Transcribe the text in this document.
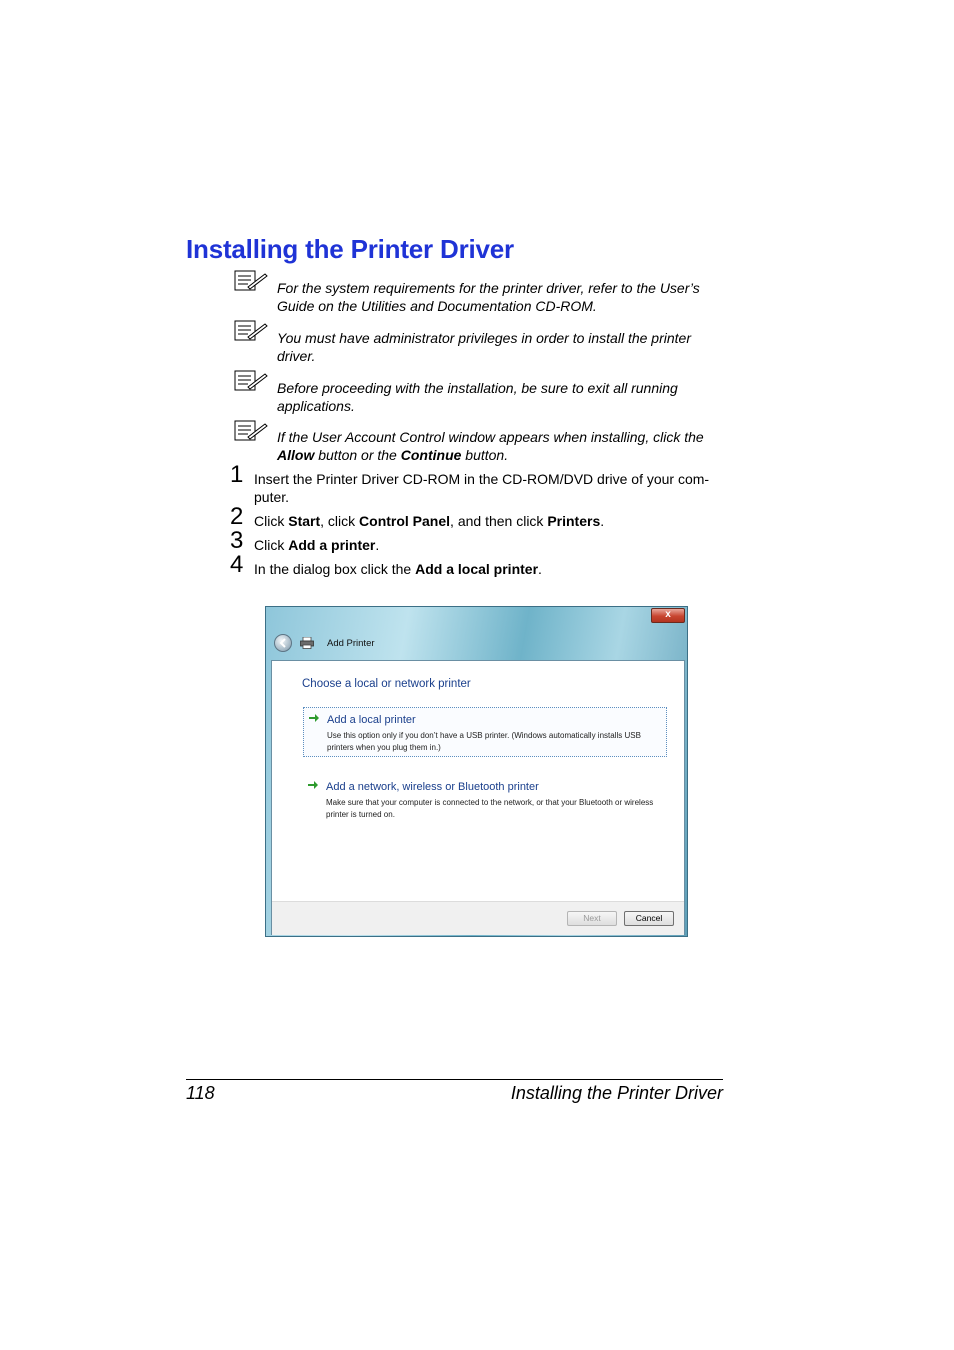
Installing the Printer Driver
For the system requirements for the printer driver, refer to the User’s Guide on the Utilities and Documentation CD-ROM.
You must have administrator privileges in order to install the printer driver.
Before proceeding with the installation, be sure to exit all running applications.
If the User Account Control window appears when installing, click the Allow button or the Continue button.
1 Insert the Printer Driver CD-ROM in the CD-ROM/DVD drive of your com-puter.
2 Click Start, click Control Panel, and then click Printers.
3 Click Add a printer.
4 In the dialog box click the Add a local printer.
x
Add Printer
Choose a local or network printer
Add a local printer
Use this option only if you don’t have a USB printer. (Windows automatically installs USB printers when you plug them in.)
Add a network, wireless or Bluetooth printer
Make sure that your computer is connected to the network, or that your Bluetooth or wireless printer is turned on.
Next	Cancel
118	Installing the Printer Driver
